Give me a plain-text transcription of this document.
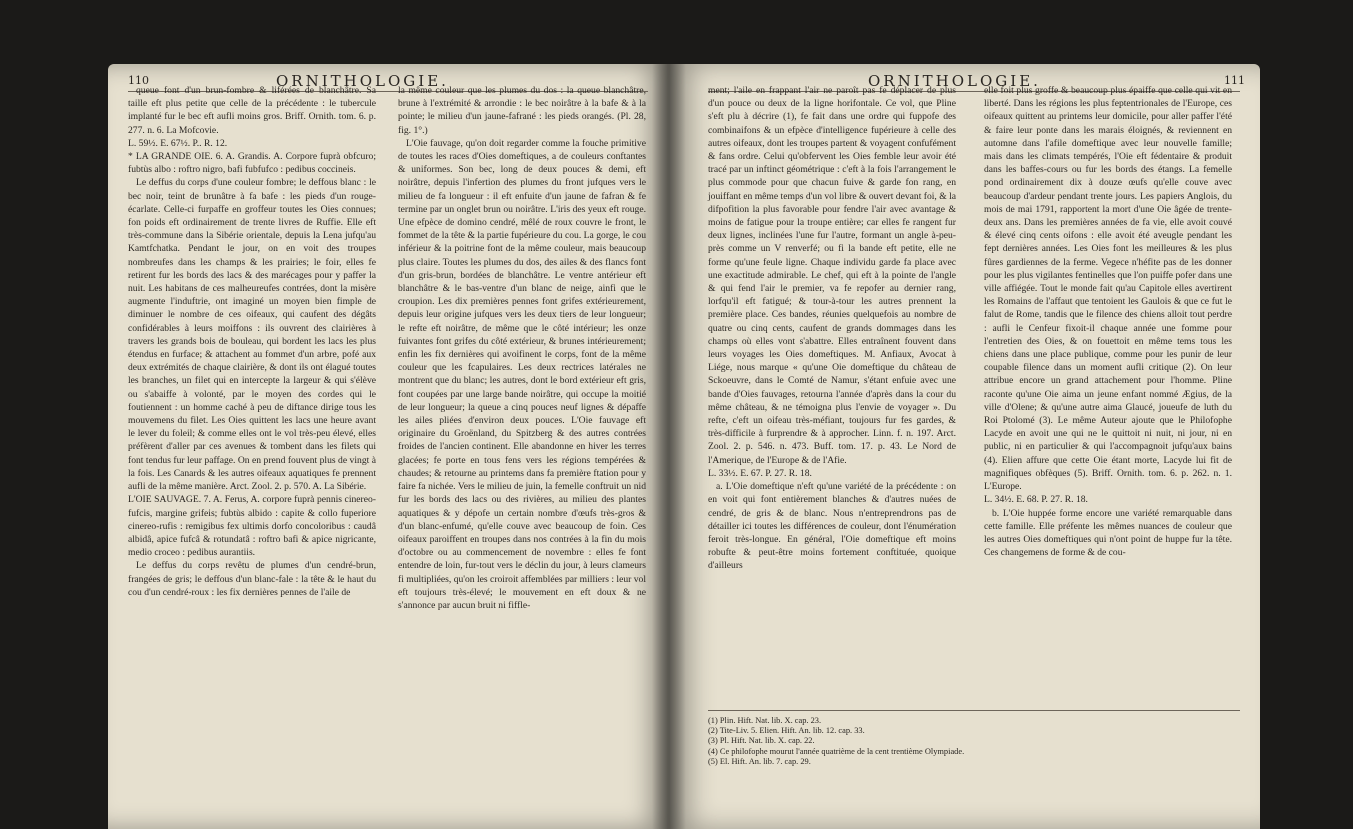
110	ORNITHOLOGIE.

queue font d'un brun-fombre & liférées de blanchâtre. Sa taille eft plus petite que celle de la précédente : le tubercule implanté fur le bec eft aufli moins gros. Briff. Ornith. tom. 6. p. 277. n. 6. La Mofcovie.

L. 59½. E. 67½. P.. R. 12.

* LA GRANDE OIE. 6. A. Grandis. A. Corpore fuprà obfcuro; fubtùs albo : roftro nigro, bafi fubfufco : pedibus coccineis.

Le deffus du corps d'une couleur fombre; le deffous blanc : le bec noir, teint de brunâtre à fa bafe : les pieds d'un rouge-écarlate. Celle-ci furpaffe en groffeur toutes les Oies connues; fon poids eft ordinairement de trente livres de Ruffie. Elle eft très-commune dans la Sibérie orientale, depuis la Lena jufqu'au Kamtfchatka. Pendant le jour, on en voit des troupes nombreufes dans les champs & les prairies; le foir, elles fe retirent fur les bords des lacs & des marécages pour y paffer la nuit. Les habitans de ces malheureufes contrées, dont la misère augmente l'induftrie, ont imaginé un moyen bien fimple de diminuer le nombre de ces oifeaux, qui caufent des dégâts confidérables à leurs moiffons : ils ouvrent des clairières à travers les grands bois de bouleau, qui bordent les lacs les plus étendus en furface; & attachent au fommet d'un arbre, pofé aux deux extrémités de chaque clairière, & dont ils ont élagué toutes les branches, un filet qui en intercepte la largeur & qui s'élève ou s'abaiffe à volonté, par le moyen des cordes qui le foutiennent : un homme caché à peu de diftance dirige tous les mouvemens du filet. Les Oies quittent les lacs une heure avant le lever du foleil; & comme elles ont le vol très-peu élevé, elles préfèrent d'aller par ces avenues & tombent dans les filets qui font tendus fur leur paffage. On en prend fouvent plus de vingt à la fois. Les Canards & les autres oifeaux aquatiques fe prennent aufli de la même manière. Arct. Zool. 2. p. 570. A. La Sibérie.

L'OIE SAUVAGE. 7. A. Ferus, A. corpore fuprà pennis cinereo-fufcis, margine grifeis; fubtùs albido : capite & collo fuperiore cinereo-rufis : remigibus fex ultimis dorfo concoloribus : caudâ albidâ, apice fufcâ & rotundatâ : roftro bafi & apice nigricante, medio croceo : pedibus aurantiis.

Le deffus du corps revêtu de plumes d'un cendré-brun, frangées de gris; le deffous d'un blanc-fale : la tête & le haut du cou d'un cendré-roux : les fix dernières pennes de l'aile de

la même couleur que les plumes du dos : la queue blanchâtre, brune à l'extrémité & arrondie : le bec noirâtre à la bafe & à la pointe; le milieu d'un jaune-fafrané : les pieds orangés. (Pl. 28, fig. 1°.)

L'Oie fauvage, qu'on doit regarder comme la fouche primitive de toutes les races d'Oies domeftiques, a de couleurs conftantes & uniformes. Son bec, long de deux pouces & demi, eft noirâtre, depuis l'infertion des plumes du front jufques vers le milieu de fa longueur : il eft enfuite d'un jaune de fafran & fe termine par un onglet brun ou noirâtre. L'iris des yeux eft rouge. Une efpèce de domino cendré, mêlé de roux couvre le front, le fommet de la tête & la partie fupérieure du cou. La gorge, le cou inférieur & la poitrine font de la même couleur, mais beaucoup plus claire. Toutes les plumes du dos, des ailes & des flancs font d'un gris-brun, bordées de blanchâtre. Le ventre antérieur eft blanchâtre & le bas-ventre d'un blanc de neige, ainfi que le croupion. Les dix premières pennes font grifes extérieurement, depuis leur origine jufques vers les deux tiers de leur longueur; le refte eft noirâtre, de même que le côté intérieur; les onze fuivantes font grifes du côté extérieur, & brunes intérieurement; enfin les fix dernières qui avoifinent le corps, font de la même couleur que les fcapulaires. Les deux rectrices latérales ne montrent que du blanc; les autres, dont le bord extérieur eft gris, font coupées par une large bande noirâtre, qui occupe la moitié de leur longueur; la queue a cinq pouces neuf lignes & dépaffe les ailes pliées d'environ deux pouces. L'Oie fauvage eft originaire du Groënland, du Spitzberg & des autres contrées froides de l'ancien continent. Elle abandonne en hiver les terres glacées; fe porte en tous fens vers les régions tempérées & chaudes; & retourne au printems dans fa première ftation pour y faire fa nichée. Vers le milieu de juin, la femelle conftruit un nid fur les bords des lacs ou des rivières, au milieu des plantes aquatiques & y dépofe un certain nombre d'œufs très-gros & d'un blanc-enfumé, qu'elle couve avec beaucoup de foin. Ces oifeaux paroiffent en troupes dans nos contrées à la fin du mois d'octobre ou au commencement de novembre : elles fe font entendre de loin, fur-tout vers le déclin du jour, à leurs clameurs fi multipliées, qu'on les croiroit affemblées par milliers : leur vol eft toujours très-élevé; le mouvement en eft doux & ne s'annonce par aucun bruit ni fiffle-

ORNITHOLOGIE.	111

ment; l'aile en frappant l'air ne paroît pas fe déplacer de plus d'un pouce ou deux de la ligne horifontale. Ce vol, que Pline s'eft plu à décrire (1), fe fait dans une ordre qui fuppofe des combinaifons & un efpèce d'intelligence fupérieure à celle des autres oifeaux, dont les troupes partent & voyagent confufément & fans ordre. Celui qu'obfervent les Oies femble leur avoir été tracé par un inftinct géométrique : c'eft à la fois l'arrangement le plus commode pour que chacun fuive & garde fon rang, en jouiffant en même temps d'un vol libre & ouvert devant foi, & la difpofition la plus favorable pour fendre l'air avec avantage & moins de fatigue pour la troupe entière; car elles fe rangent fur deux lignes, inclinées l'une fur l'autre, formant un angle à-peu-près comme un V renverfé; ou fi la bande eft petite, elle ne forme qu'une feule ligne. Chaque individu garde fa place avec une exactitude admirable. Le chef, qui eft à la pointe de l'angle & qui fend l'air le premier, va fe repofer au dernier rang, lorfqu'il eft fatigué; & tour-à-tour les autres prennent la première place. Ces bandes, réunies quelquefois au nombre de quatre ou cinq cents, caufent de grands dommages dans les champs où elles vont s'abattre. Elles entraînent fouvent dans leurs voyages les Oies domeftiques. M. Anfiaux, Avocat à Liége, nous marque « qu'une Oie domeftique du château de Sckoeuvre, dans le Comté de Namur, s'étant enfuie avec une bande d'Oies fauvages, retourna l'année d'après dans la cour du même château, & ne témoigna plus l'envie de voyager ». Du refte, c'eft un oifeau très-méfiant, toujours fur fes gardes, & très-difficile à furprendre & à approcher. Linn. f. n. 197. Arct. Zool. 2. p. 546. n. 473. Buff. tom. 17. p. 43. Le Nord de l'Amerique, de l'Europe & de l'Afie.

L. 33½. E. 67. P. 27. R. 18.

a. L'Oie domeftique n'eft qu'une variété de la précédente : on en voit qui font entièrement blanches & d'autres nuées de cendré, de gris & de blanc. Nous n'entreprendrons pas de détailler ici toutes les différences de couleur, dont l'énumération feroit très-longue. En général, l'Oie domeftique eft moins robufte & peut-être moins fortement conftituée, quoique d'ailleurs

elle foit plus groffe & beaucoup plus épaiffe que celle qui vit en liberté. Dans les régions les plus feptentrionales de l'Europe, ces oifeaux quittent au printems leur domicile, pour aller paffer l'été & faire leur ponte dans les marais éloignés, & reviennent en automne dans l'afile domeftique avec leur nouvelle famille; mais dans les climats tempérés, l'Oie eft fédentaire & produit dans les baffes-cours ou fur les bords des étangs. La femelle pond ordinairement dix à douze œufs qu'elle couve avec beaucoup d'ardeur pendant trente jours. Les papiers Anglois, du mois de mai 1791, rapportent la mort d'une Oie âgée de trente-deux ans. Dans les premières années de fa vie, elle avoit couvé & élevé cinq cents oifons : elle avoit été aveugle pendant les fept dernières années. Les Oies font les meilleures & les plus fûres gardiennes de la ferme. Vegece n'héfite pas de les donner pour les plus vigilantes fentinelles que l'on puiffe pofer dans une ville affiégée. Tout le monde fait qu'au Capitole elles avertirent les Romains de l'affaut que tentoient les Gaulois & que ce fut le falut de Rome, tandis que le filence des chiens alloit tout perdre : aufli le Cenfeur fixoit-il chaque année une fomme pour l'entretien des Oies, & on fouettoit en même tems tous les chiens dans une place publique, comme pour les punir de leur coupable filence dans un moment aufli critique (2). On leur attribue encore un grand attachement pour l'homme. Pline raconte qu'une Oie aima un jeune enfant nommé Ægius, de la ville d'Olene; & qu'une autre aima Glaucé, joueufe de luth du Roi Ptolomé (3). Le même Auteur ajoute que le Philofophe Lacyde en avoit une qui ne le quittoit ni nuit, ni jour, ni en public, ni en particulier & qui l'accompagnoit jufqu'aux bains (4). Elien affure que cette Oie étant morte, Lacyde lui fit de magnifiques obfèques (5). Briff. Ornith. tom. 6. p. 262. n. 1. L'Europe.

L. 34½. E. 68. P. 27. R. 18.

b. L'Oie huppée forme encore une variété remarquable dans cette famille. Elle préfente les mêmes nuances de couleur que les autres Oies domeftiques qui n'ont point de huppe fur la tête. Ces changemens de forme & de cou-

(1) Plin. Hift. Nat. lib. X. cap. 23.
(2) Tite-Liv. 5. Elien. Hift. An. lib. 12. cap. 33.
(3) Pl. Hift. Nat. lib. X. cap. 22.
(4) Ce philofophe mourut l'année quatrième de la cent trentième Olympiade.
(5) El. Hift. An. lib. 7. cap. 29.
